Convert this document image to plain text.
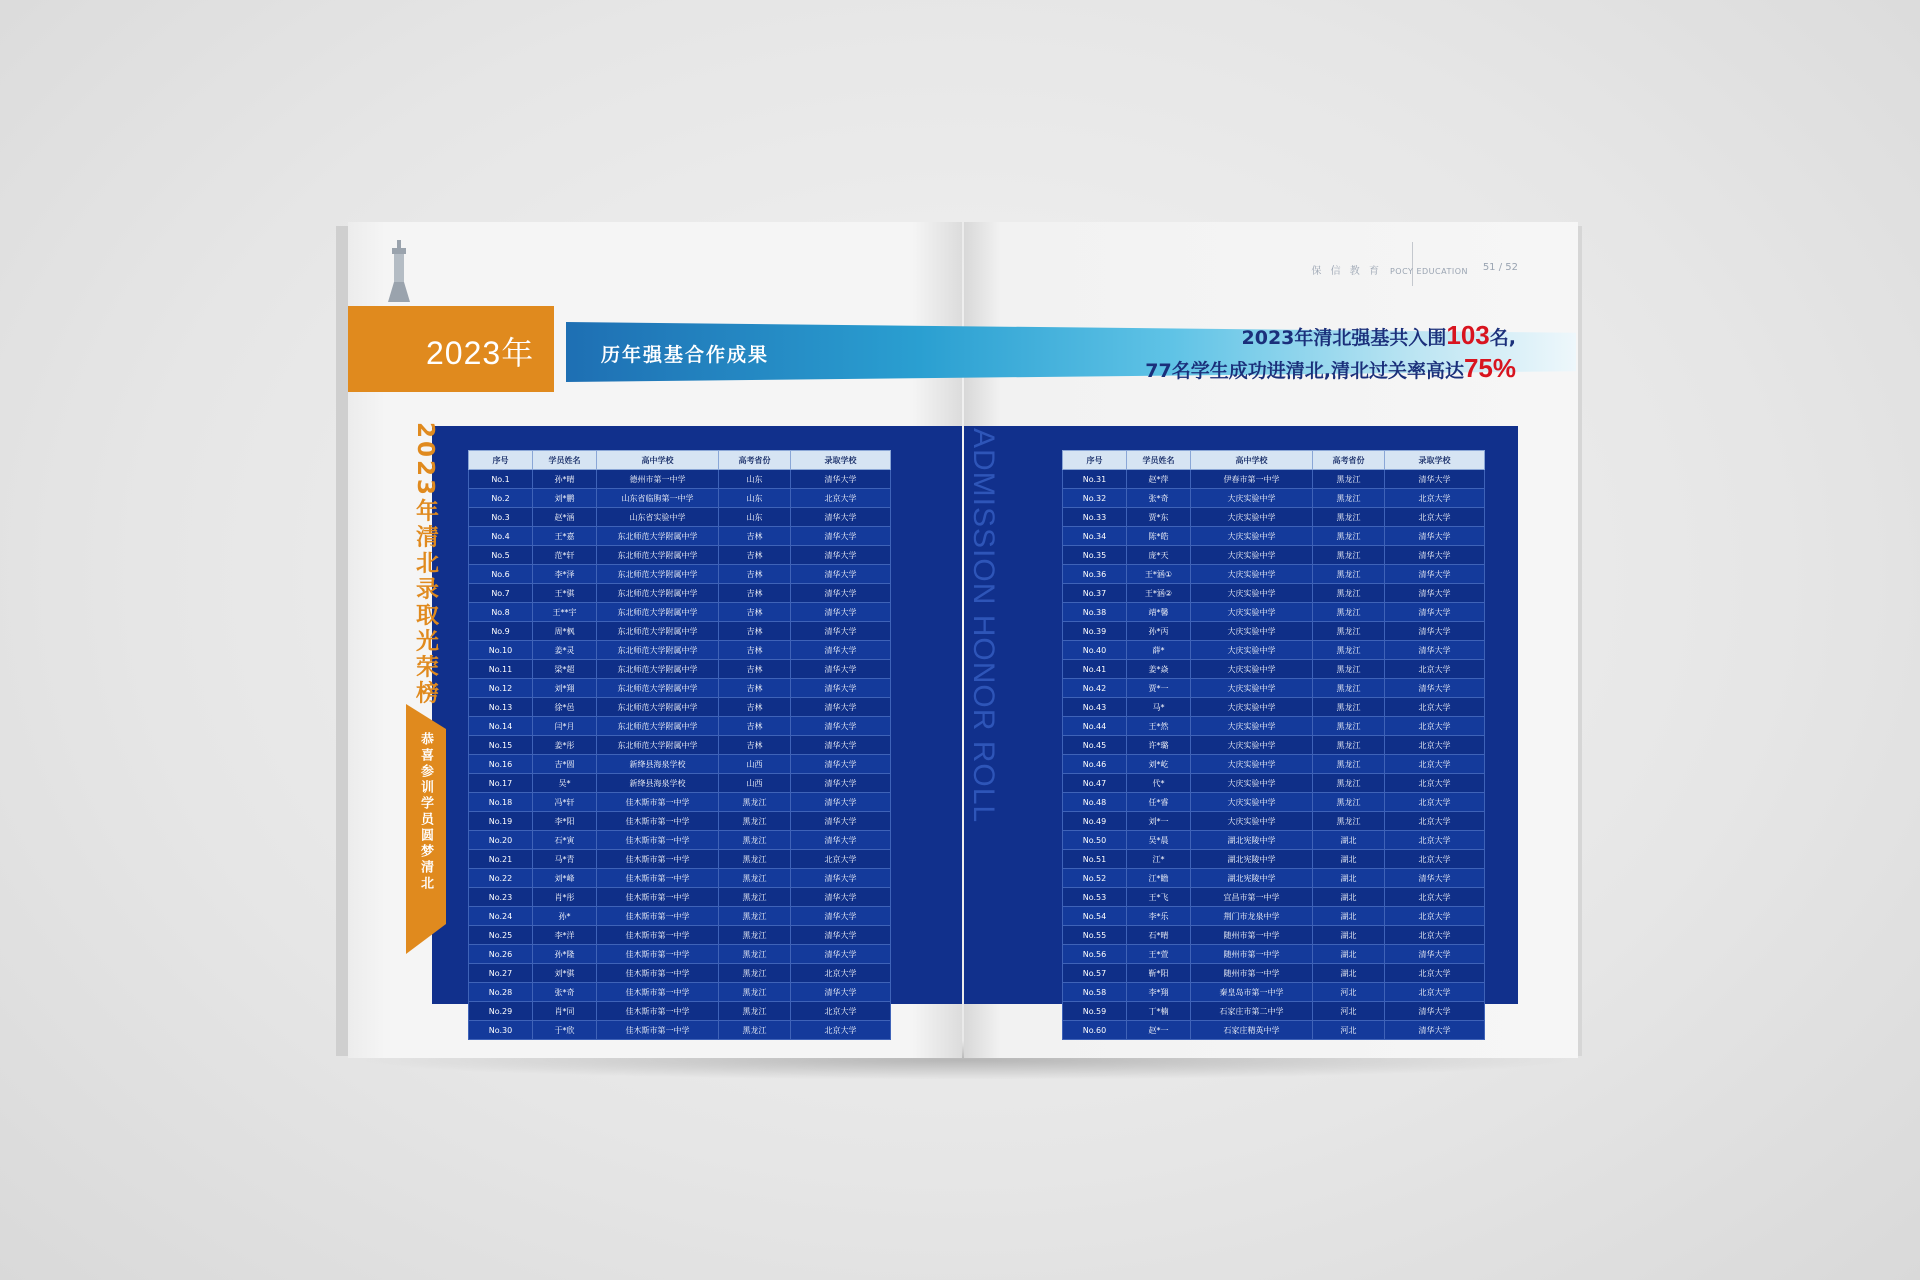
保 信 教 育 POCY EDUCATION 51 / 52
2023年	历年强基合作成果
2023年清北强基共入围103名,
77名学生成功进清北,清北过关率高达75%
2023年清北录取光荣榜
恭喜参训学员圆梦清北	ADMISSION HONOR ROLL
序号	学员姓名	高中学校	高考省份	录取学校
No.1	孙*晴	德州市第一中学	山东	清华大学
No.2	刘*鹏	山东省临朐第一中学	山东	北京大学
No.3	赵*涵	山东省实验中学	山东	清华大学
No.4	王*嘉	东北师范大学附属中学	吉林	清华大学
No.5	范*轩	东北师范大学附属中学	吉林	清华大学
No.6	李*泽	东北师范大学附属中学	吉林	清华大学
No.7	王*骐	东北师范大学附属中学	吉林	清华大学
No.8	王**宇	东北师范大学附属中学	吉林	清华大学
No.9	周*枫	东北师范大学附属中学	吉林	清华大学
No.10	姜*灵	东北师范大学附属中学	吉林	清华大学
No.11	梁*超	东北师范大学附属中学	吉林	清华大学
No.12	刘*翔	东北师范大学附属中学	吉林	清华大学
No.13	徐*邑	东北师范大学附属中学	吉林	清华大学
No.14	闫*月	东北师范大学附属中学	吉林	清华大学
No.15	姜*彤	东北师范大学附属中学	吉林	清华大学
No.16	吉*圆	新绛县海泉学校	山西	清华大学
No.17	吴*	新绛县海泉学校	山西	清华大学
No.18	冯*轩	佳木斯市第一中学	黑龙江	清华大学
No.19	李*阳	佳木斯市第一中学	黑龙江	清华大学
No.20	石*寅	佳木斯市第一中学	黑龙江	清华大学
No.21	马*青	佳木斯市第一中学	黑龙江	北京大学
No.22	刘*峰	佳木斯市第一中学	黑龙江	清华大学
No.23	肖*彤	佳木斯市第一中学	黑龙江	清华大学
No.24	孙*	佳木斯市第一中学	黑龙江	清华大学
No.25	李*洋	佳木斯市第一中学	黑龙江	清华大学
No.26	孙*隆	佳木斯市第一中学	黑龙江	清华大学
No.27	刘*骐	佳木斯市第一中学	黑龙江	北京大学
No.28	张*奇	佳木斯市第一中学	黑龙江	清华大学
No.29	肖*同	佳木斯市第一中学	黑龙江	北京大学
No.30	于*欣	佳木斯市第一中学	黑龙江	北京大学
序号	学员姓名	高中学校	高考省份	录取学校
No.31	赵*萍	伊春市第一中学	黑龙江	清华大学
No.32	张*奇	大庆实验中学	黑龙江	北京大学
No.33	贾*东	大庆实验中学	黑龙江	北京大学
No.34	陈*皓	大庆实验中学	黑龙江	清华大学
No.35	庞*天	大庆实验中学	黑龙江	清华大学
No.36	王*涵①	大庆实验中学	黑龙江	清华大学
No.37	王*涵②	大庆实验中学	黑龙江	清华大学
No.38	靖*馨	大庆实验中学	黑龙江	清华大学
No.39	孙*丙	大庆实验中学	黑龙江	清华大学
No.40	薛*	大庆实验中学	黑龙江	清华大学
No.41	姜*焱	大庆实验中学	黑龙江	北京大学
No.42	贾*一	大庆实验中学	黑龙江	清华大学
No.43	马*	大庆实验中学	黑龙江	北京大学
No.44	王*然	大庆实验中学	黑龙江	北京大学
No.45	许*璐	大庆实验中学	黑龙江	北京大学
No.46	刘*屹	大庆实验中学	黑龙江	北京大学
No.47	代*	大庆实验中学	黑龙江	北京大学
No.48	任*睿	大庆实验中学	黑龙江	北京大学
No.49	刘*一	大庆实验中学	黑龙江	北京大学
No.50	吴*晨	湖北宪陵中学	湖北	北京大学
No.51	江*	湖北宪陵中学	湖北	北京大学
No.52	江*瞻	湖北宪陵中学	湖北	清华大学
No.53	王*飞	宜昌市第一中学	湖北	北京大学
No.54	李*乐	荆门市龙泉中学	湖北	北京大学
No.55	石*晴	随州市第一中学	湖北	北京大学
No.56	王*萱	随州市第一中学	湖北	清华大学
No.57	靳*阳	随州市第一中学	湖北	北京大学
No.58	李*翔	秦皇岛市第一中学	河北	北京大学
No.59	丁*楠	石家庄市第二中学	河北	清华大学
No.60	赵*一	石家庄精英中学	河北	清华大学
